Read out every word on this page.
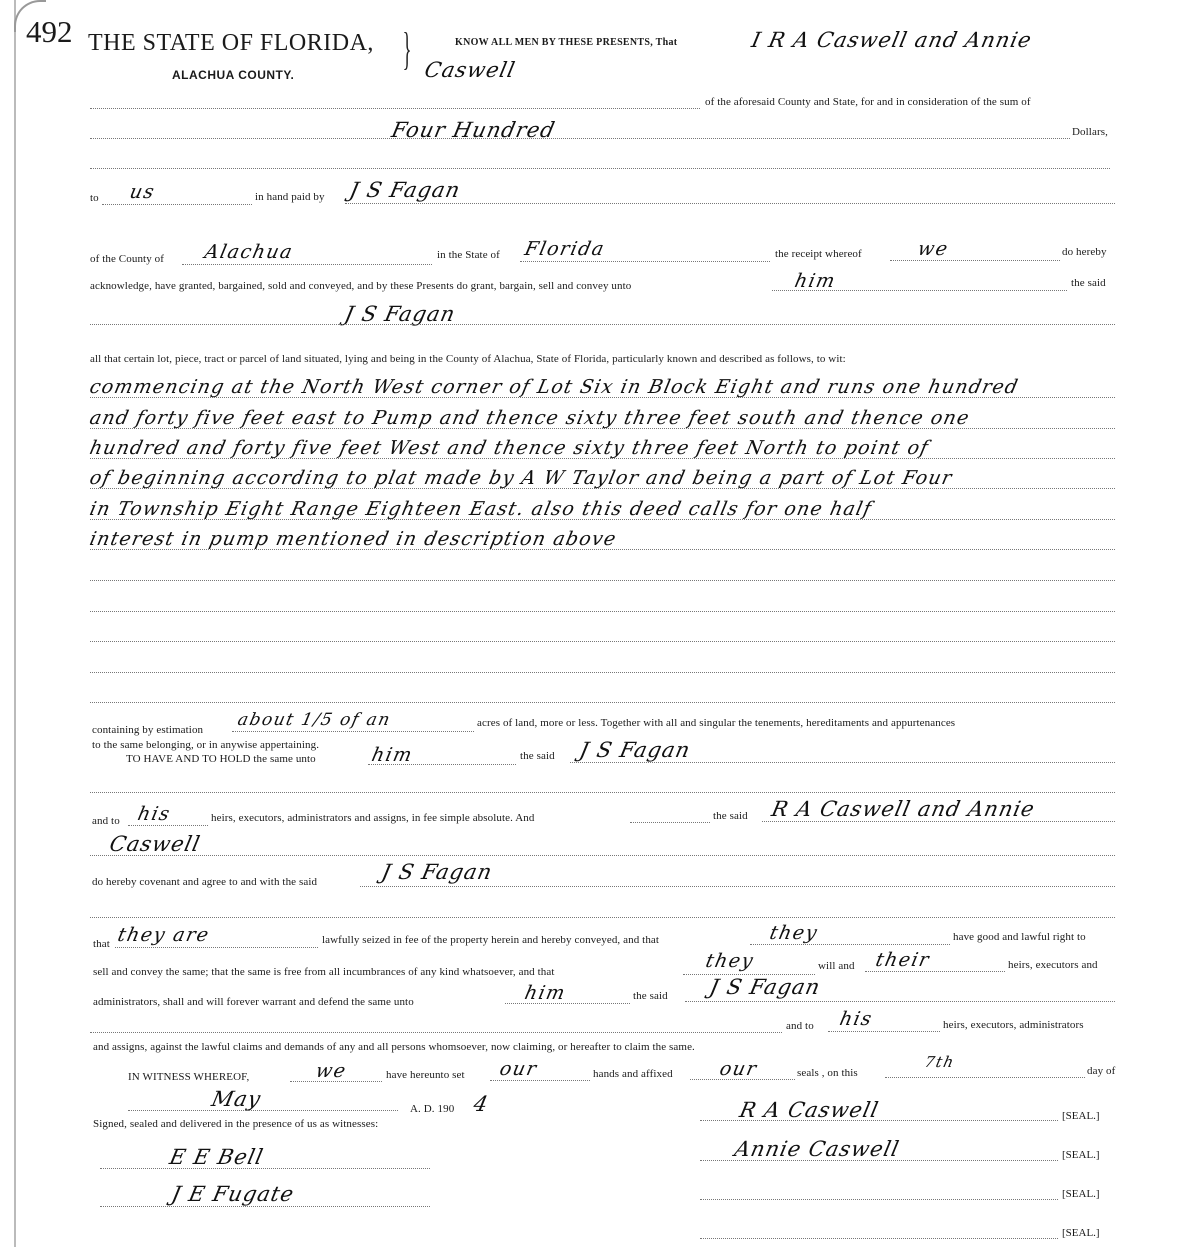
492 THE STATE OF FLORIDA, }
ALACHUA COUNTY.
KNOW ALL MEN BY THESE PRESENTS, That	I R A Caswell and Annie
Caswell
of the aforesaid County and State, for and in consideration of the sum of
Four Hundred	Dollars,
to us	in hand paid by J S Fagan
of the County of Alachua	in the State of Florida	the receipt whereof	we	do hereby
acknowledge, have granted, bargained, sold and conveyed, and by these Presents do grant, bargain, sell and convey unto	him	the said
J S Fagan
all that certain lot, piece, tract or parcel of land situated, lying and being in the County of Alachua, State of Florida, particularly known and described as follows, to wit:
commencing at the North West corner of Lot Six in Block Eight and runs one hundred
and forty five feet east to Pump and thence sixty three feet south and thence one
hundred and forty five feet West and thence sixty three feet North to point of
of beginning according to plat made by A W Taylor and being a part of Lot Four
in Township Eight Range Eighteen East. also this deed calls for one half
interest in pump mentioned in description above
containing by estimation about 1/5 of an	acres of land, more or less. Together with all and singular the tenements, hereditaments and appurtenances
to the same belonging, or in anywise appertaining.
TO HAVE AND TO HOLD the same unto	him	the said J S Fagan
and to his	heirs, executors, administrators and assigns, in fee simple absolute. And	the said R A Caswell and Annie
Caswell
do hereby covenant and agree to and with the said	J S Fagan
that they are	lawfully seized in fee of the property herein and hereby conveyed, and that	they	have good and lawful right to
sell and convey the same; that the same is free from all incumbrances of any kind whatsoever, and that	they	will and their	heirs, executors and
administrators, shall and will forever warrant and defend the same unto	him	the said J S Fagan
and to his	heirs, executors, administrators
and assigns, against the lawful claims and demands of any and all persons whomsoever, now claiming, or hereafter to claim the same.
IN WITNESS WHEREOF,	we	have hereunto set our	hands and affixed our	seals , on this
7th	day of
May	A. D. 190 4
Signed, sealed and delivered in the presence of us as witnesses:
R A Caswell	[SEAL.]
Annie Caswell	[SEAL.]
[SEAL.]
[SEAL.]
E E Bell
J E Fugate
